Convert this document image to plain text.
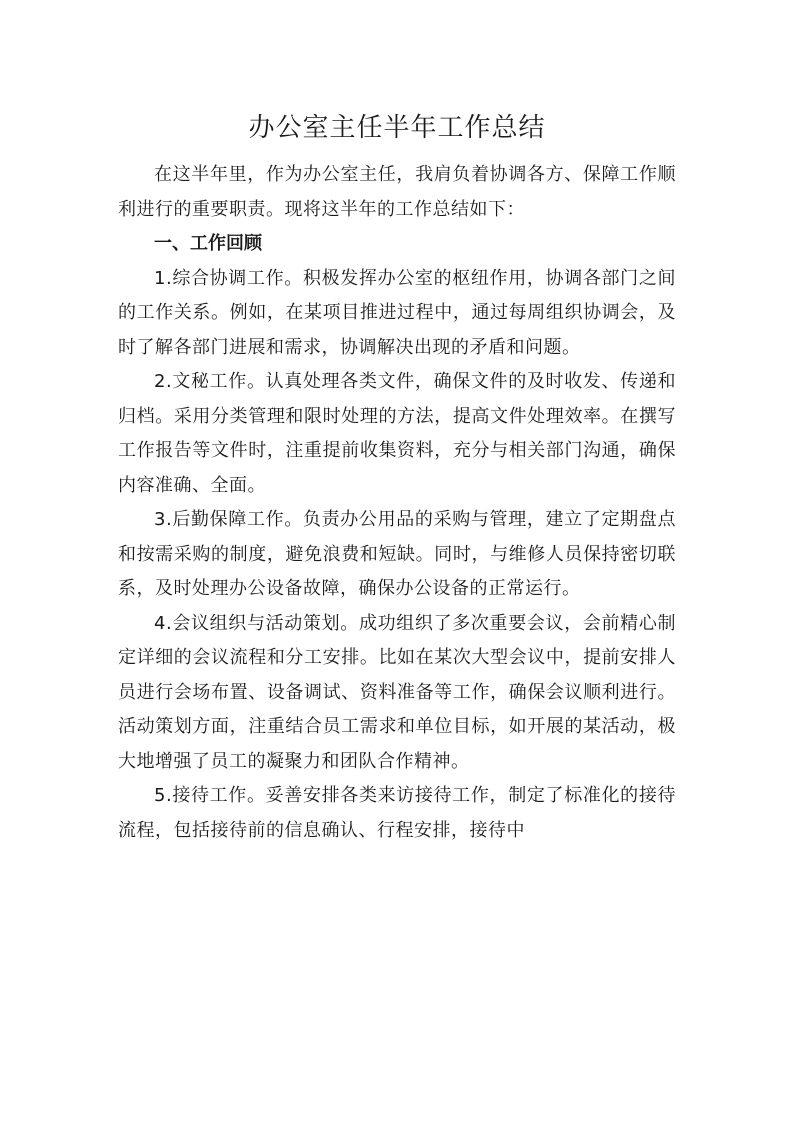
办公室主任半年工作总结

在这半年里，作为办公室主任，我肩负着协调各方、保障工作顺利进行的重要职责。现将这半年的工作总结如下：

一、工作回顾

1.综合协调工作。积极发挥办公室的枢纽作用，协调各部门之间的工作关系。例如，在某项目推进过程中，通过每周组织协调会，及时了解各部门进展和需求，协调解决出现的矛盾和问题。

2.文秘工作。认真处理各类文件，确保文件的及时收发、传递和归档。采用分类管理和限时处理的方法，提高文件处理效率。在撰写工作报告等文件时，注重提前收集资料，充分与相关部门沟通，确保内容准确、全面。

3.后勤保障工作。负责办公用品的采购与管理，建立了定期盘点和按需采购的制度，避免浪费和短缺。同时，与维修人员保持密切联系，及时处理办公设备故障，确保办公设备的正常运行。

4.会议组织与活动策划。成功组织了多次重要会议，会前精心制定详细的会议流程和分工安排。比如在某次大型会议中，提前安排人员进行会场布置、设备调试、资料准备等工作，确保会议顺利进行。活动策划方面，注重结合员工需求和单位目标，如开展的某活动，极大地增强了员工的凝聚力和团队合作精神。

5.接待工作。妥善安排各类来访接待工作，制定了标准化的接待流程，包括接待前的信息确认、行程安排，接待中
